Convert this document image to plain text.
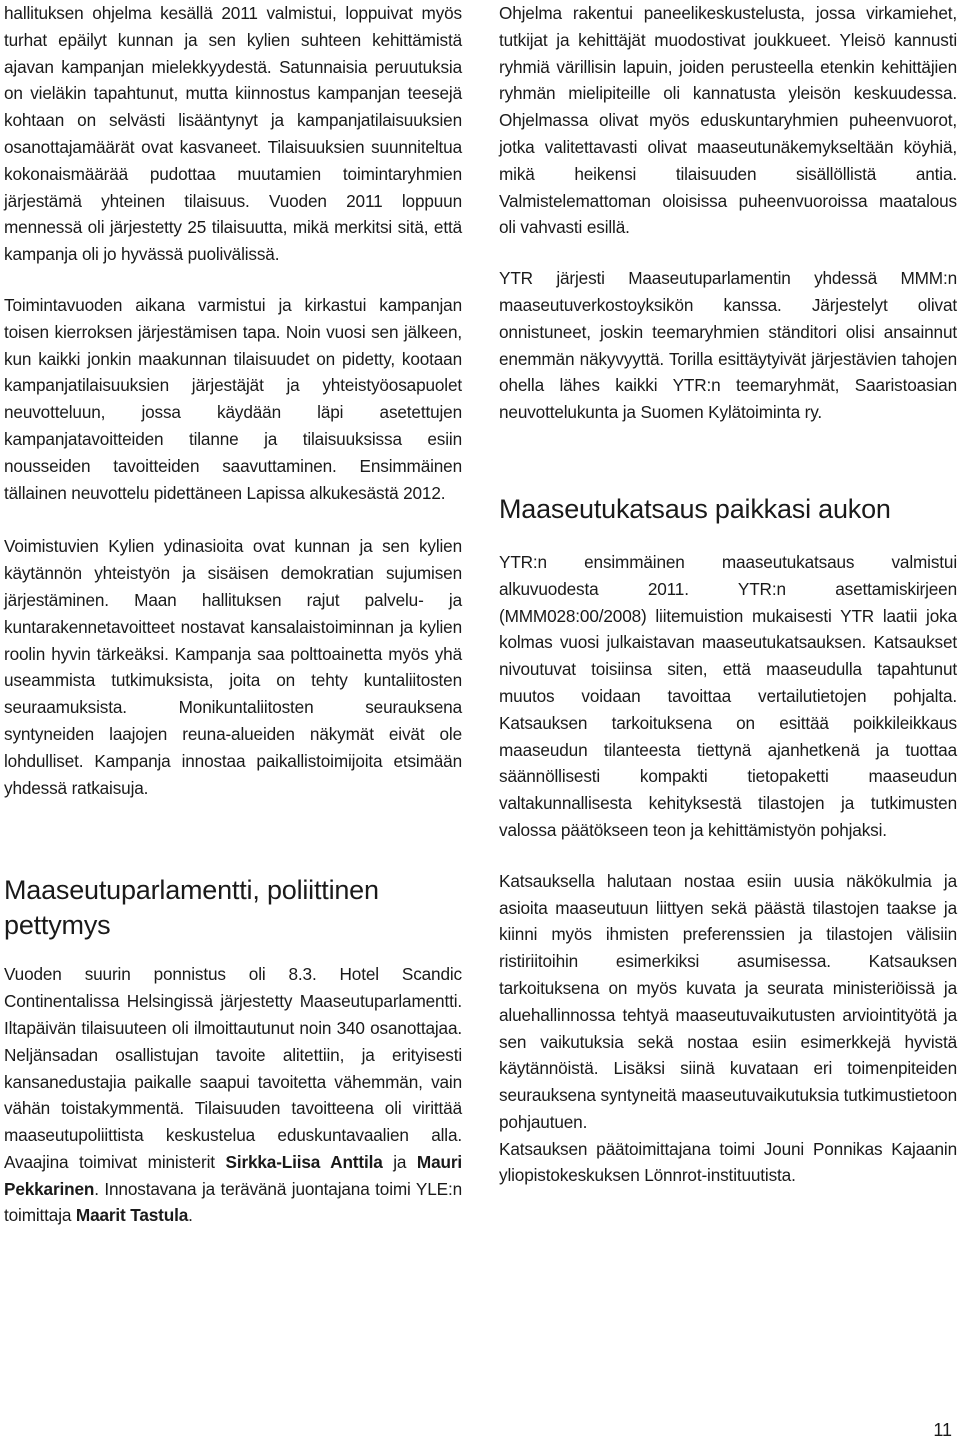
hallituksen ohjelma kesällä 2011 valmistui, loppuivat myös turhat epäilyt kunnan ja sen kylien suhteen kehittämistä ajavan kampanjan mielekkyydestä. Satunnaisia peruutuksia on vieläkin tapahtunut, mutta kiinnostus kampanjan teesejä kohtaan on selvästi lisääntynyt ja kampanjatilaisuuksien osanottajamäärät ovat kasvaneet. Tilaisuuksien suunniteltua kokonaismäärää pudottaa muutamien toimintaryhmien järjestämä yhteinen tilaisuus. Vuoden 2011 loppuun mennessä oli järjestetty 25 tilaisuutta, mikä merkitsi sitä, että kampanja oli jo hyvässä puolivälissä.

Toimintavuoden aikana varmistui ja kirkastui kampanjan toisen kierroksen järjestämisen tapa. Noin vuosi sen jälkeen, kun kaikki jonkin maakunnan tilaisuudet on pidetty, kootaan kampanjatilaisuuksien järjestäjät ja yhteistyöosapuolet neuvotteluun, jossa käydään läpi asetettujen kampanjatavoitteiden tilanne ja tilaisuuksissa esiin nousseiden tavoitteiden saavuttaminen. Ensimmäinen tällainen neuvottelu pidettäneen Lapissa alkukesästä 2012.

Voimistuvien Kylien ydinasioita ovat kunnan ja sen kylien käytännön yhteistyön ja sisäisen demokratian sujumisen järjestäminen. Maan hallituksen rajut palvelu- ja kuntarakennetavoitteet nostavat kansalaistoiminnan ja kylien roolin hyvin tärkeäksi. Kampanja saa polttoainetta myös yhä useammista tutkimuksista, joita on tehty kuntaliitosten seuraamuksista. Monikuntaliitosten seurauksena syntyneiden laajojen reuna-alueiden näkymät eivät ole lohdulliset. Kampanja innostaa paikallistoimijoita etsimään yhdessä ratkaisuja.

Maaseutuparlamentti, poliittinen pettymys

Vuoden suurin ponnistus oli 8.3. Hotel Scandic Continentalissa Helsingissä järjestetty Maaseutuparlamentti. Iltapäivän tilaisuuteen oli ilmoittautunut noin 340 osanottajaa. Neljänsadan osallistujan tavoite alitettiin, ja erityisesti kansanedustajia paikalle saapui tavoitetta vähemmän, vain vähän toistakymmentä. Tilaisuuden tavoitteena oli virittää maaseutupoliittista keskustelua eduskuntavaalien alla. Avaajina toimivat ministerit Sirkka-Liisa Anttila ja Mauri Pekkarinen. Innostavana ja terävänä juontajana toimi YLE:n toimittaja Maarit Tastula.

Ohjelma rakentui paneelikeskustelusta, jossa virkamiehet, tutkijat ja kehittäjät muodostivat joukkueet. Yleisö kannusti ryhmiä värillisin lapuin, joiden perusteella etenkin kehittäjien ryhmän mielipiteille oli kannatusta yleisön keskuudessa. Ohjelmassa olivat myös eduskuntaryhmien puheenvuorot, jotka valitettavasti olivat maaseutunäkemykseltään köyhiä, mikä heikensi tilaisuuden sisällöllistä antia. Valmistelemattoman oloisissa puheenvuoroissa maatalous oli vahvasti esillä.

YTR järjesti Maaseutuparlamentin yhdessä MMM:n maaseutuverkostoyksikön kanssa. Järjestelyt olivat onnistuneet, joskin teemaryhmien ständitori olisi ansainnut enemmän näkyvyyttä. Torilla esittäytyivät järjestävien tahojen ohella lähes kaikki YTR:n teemaryhmät, Saaristoasian neuvottelukunta ja Suomen Kylätoiminta ry.

Maaseutukatsaus paikkasi aukon

YTR:n ensimmäinen maaseutukatsaus valmistui alkuvuodesta 2011. YTR:n asettamiskirjeen (MMM028:00/2008) liitemuistion mukaisesti YTR laatii joka kolmas vuosi julkaistavan maaseutukatsauksen. Katsaukset nivoutuvat toisiinsa siten, että maaseudulla tapahtunut muutos voidaan tavoittaa vertailutietojen pohjalta. Katsauksen tarkoituksena on esittää poikkileikkaus maaseudun tilanteesta tiettynä ajanhetkenä ja tuottaa säännöllisesti kompakti tietopaketti maaseudun valtakunnallisesta kehityksestä tilastojen ja tutkimusten valossa päätökseen teon ja kehittämistyön pohjaksi.

Katsauksella halutaan nostaa esiin uusia näkökulmia ja asioita maaseutuun liittyen sekä päästä tilastojen taakse ja kiinni myös ihmisten preferenssien ja tilastojen välisiin ristiriitoihin esimerkiksi asumisessa. Katsauksen tarkoituksena on myös kuvata ja seurata ministeriöissä ja aluehallinnossa tehtyä maaseutuvaikutusten arviointityötä ja sen vaikutuksia sekä nostaa esiin esimerkkejä hyvistä käytännöistä. Lisäksi siinä kuvataan eri toimenpiteiden seurauksena syntyneitä maaseutuvaikutuksia tutkimustietoon pohjautuen.

Katsauksen päätoimittajana toimi Jouni Ponnikas Kajaanin yliopistokeskuksen Lönnrot-instituutista.

11
